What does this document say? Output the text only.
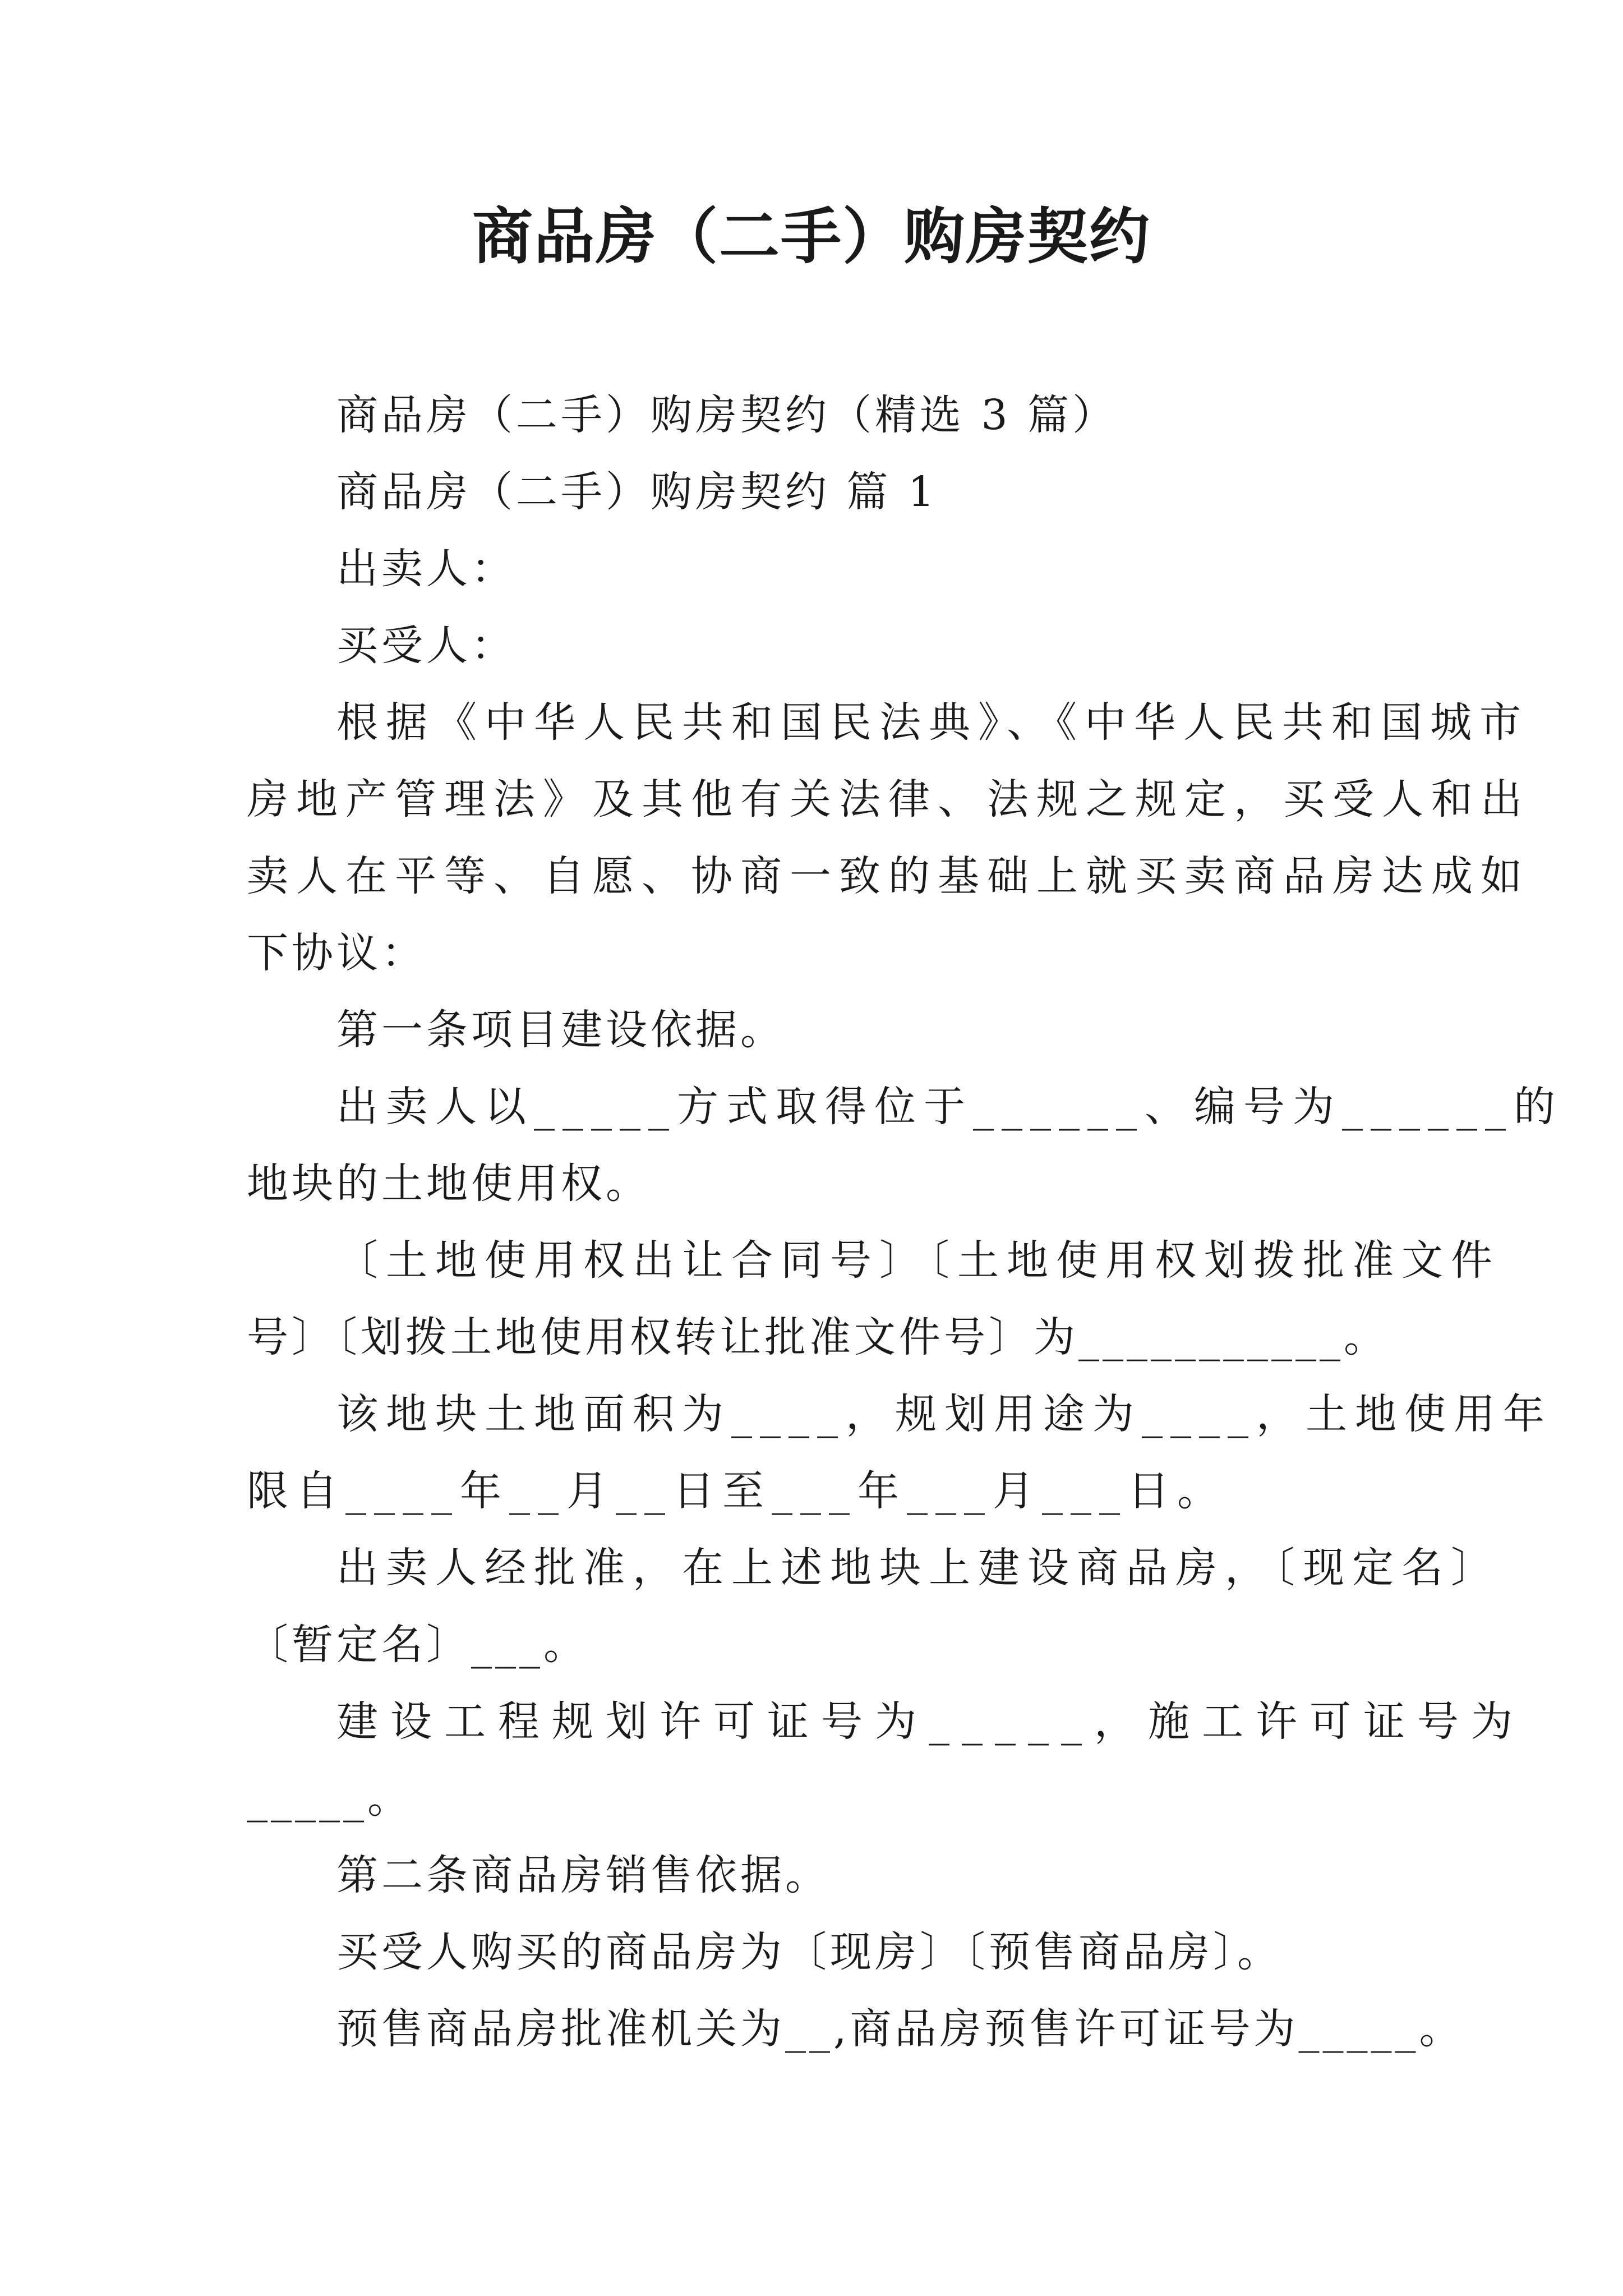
商品房（二手）购房契约
商品房（二手）购房契约（精选 3 篇）
商品房（二手）购房契约 篇 1
出卖人：
买受人：
根据《中华人民共和国民法典》、《中华人民共和国城市
房地产管理法》及其他有关法律、法规之规定，买受人和出
卖人在平等、自愿、协商一致的基础上就买卖商品房达成如
下协议：
第一条项目建设依据。
出卖人以_____方式取得位于______、编号为______的
地块的土地使用权。
〔土地使用权出让合同号〕〔土地使用权划拨批准文件
号〕〔划拨土地使用权转让批准文件号〕为___________。
该地块土地面积为____，规划用途为____，土地使用年
限自____年__月__日至___年___月___日。
出卖人经批准，在上述地块上建设商品房，〔现定名〕
〔暂定名〕___。
建设工程规划许可证号为_____，施工许可证号为
_____。
第二条商品房销售依据。
买受人购买的商品房为〔现房〕〔预售商品房〕。
预售商品房批准机关为__,商品房预售许可证号为_____。
